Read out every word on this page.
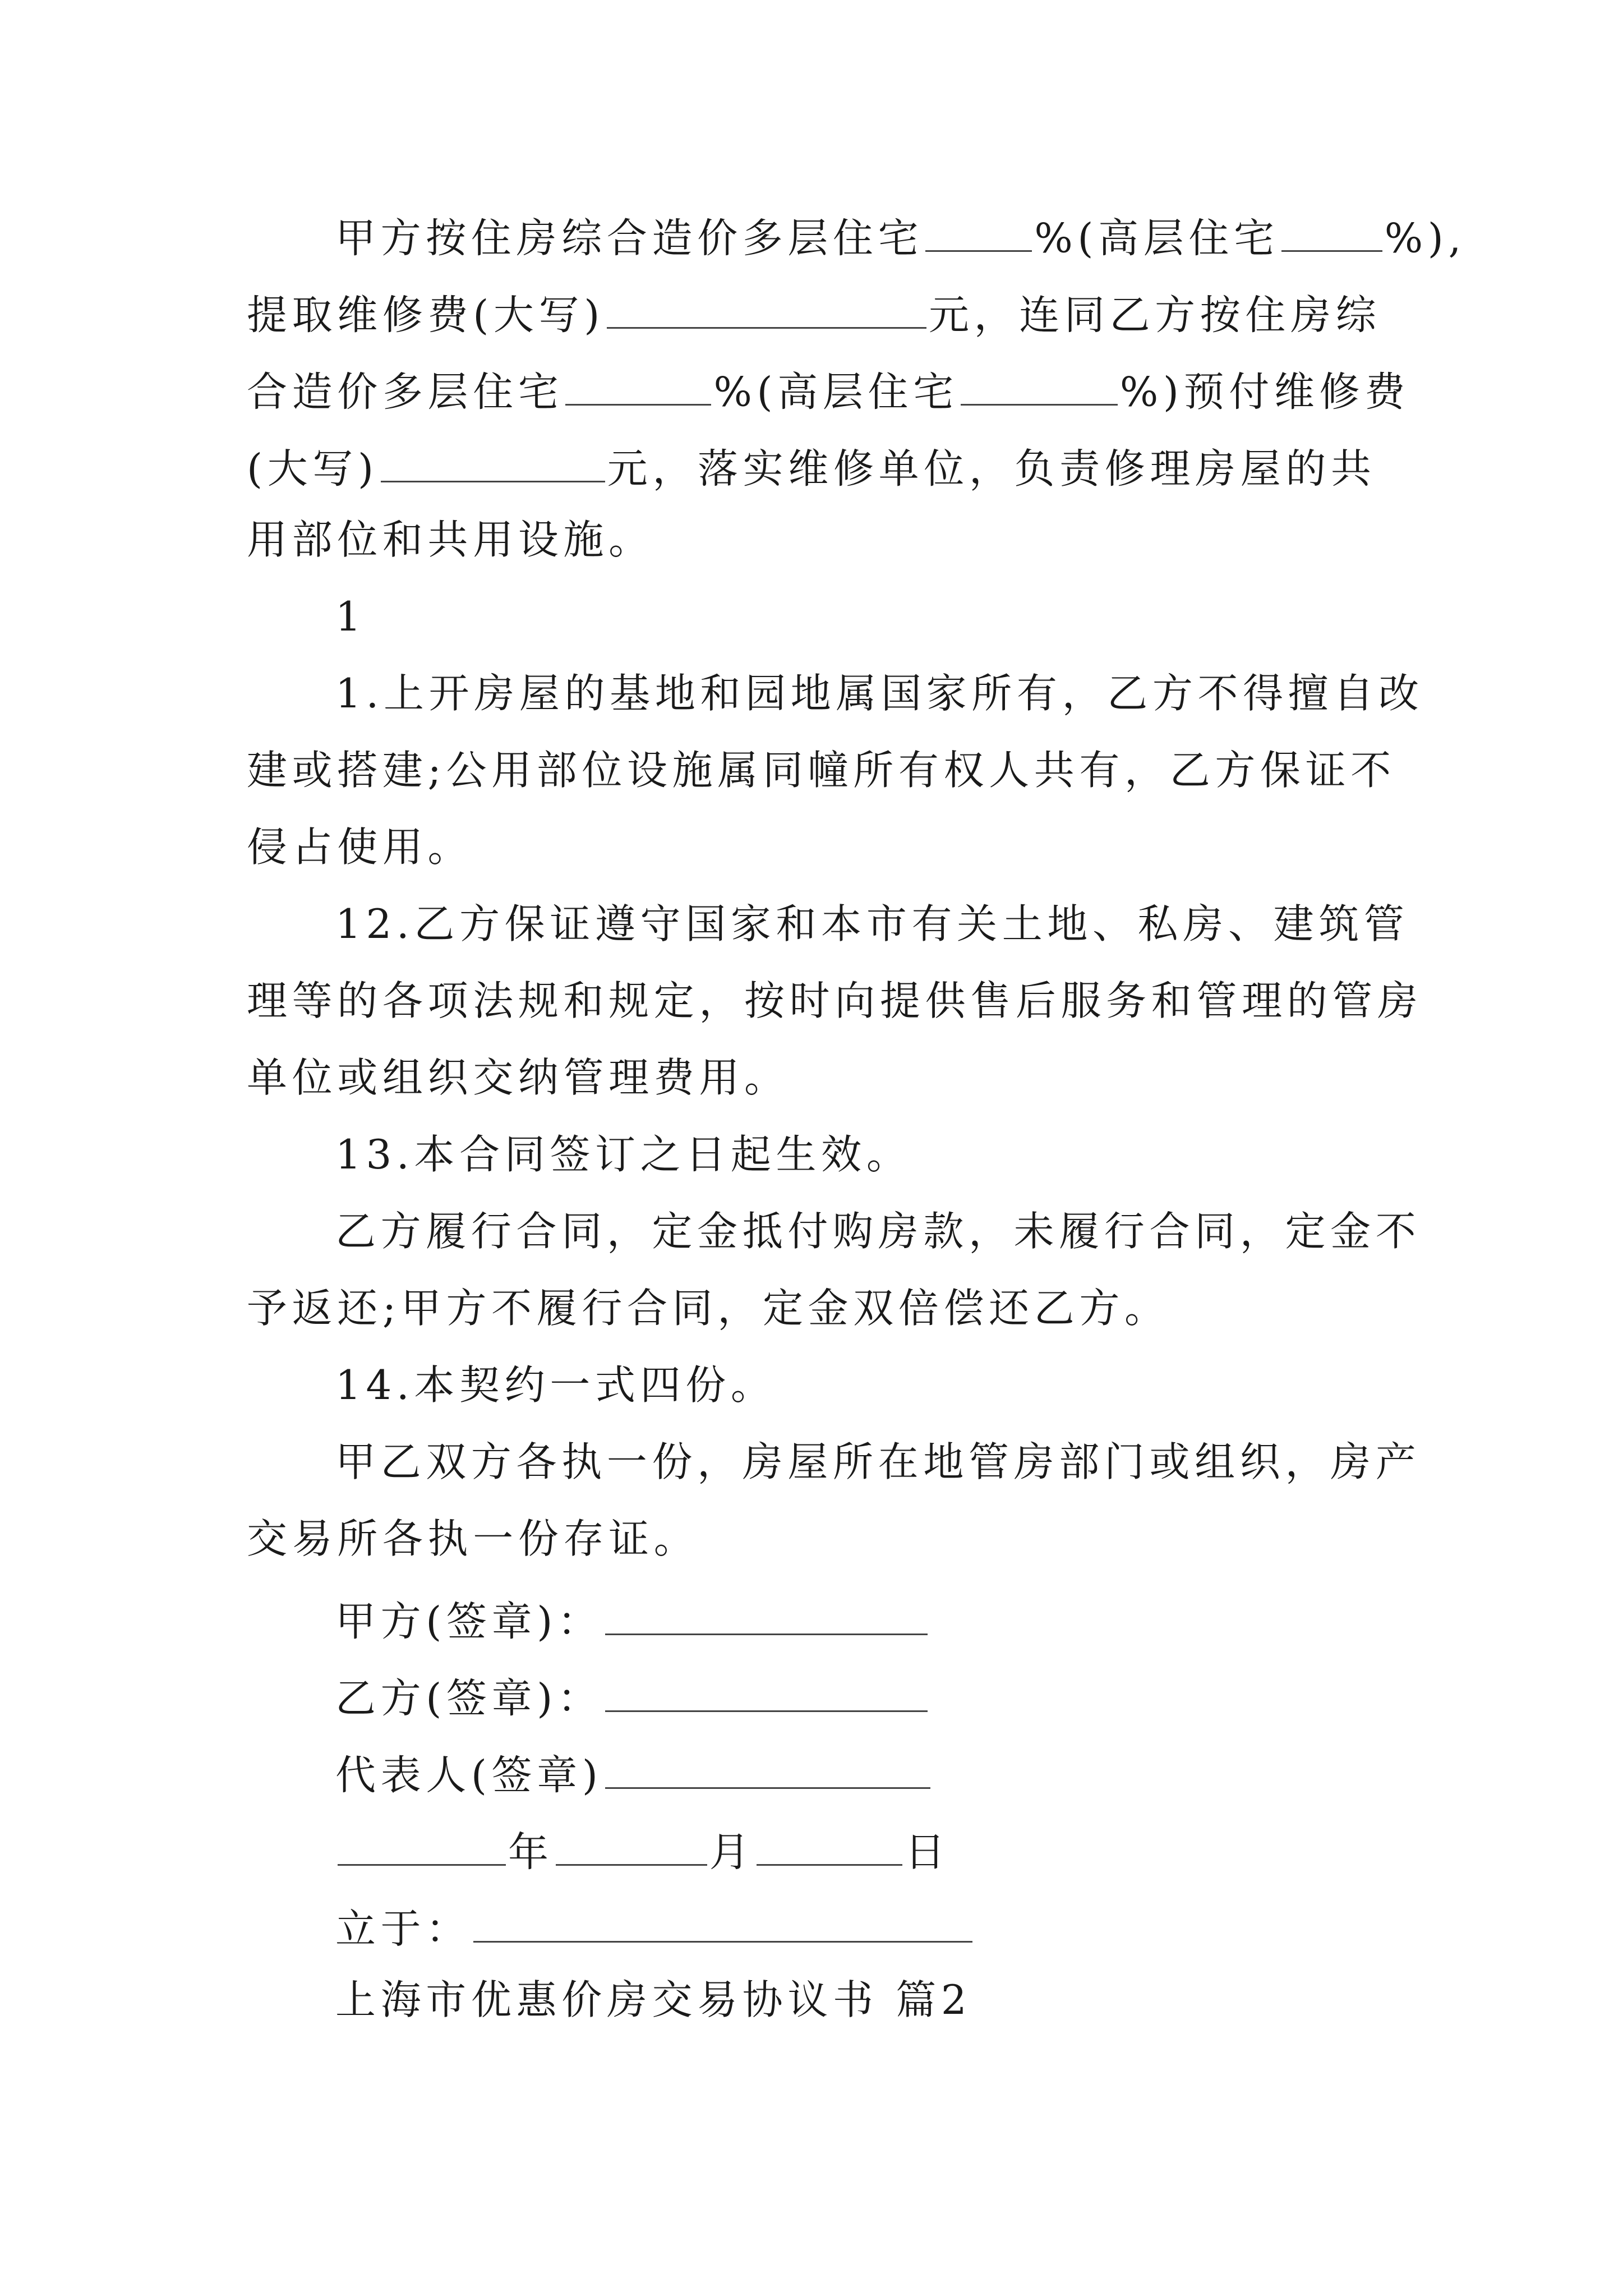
甲方按住房综合造价多层住宅	%(高层住宅	%),
提取维修费(大写)	元，连同乙方按住房综
合造价多层住宅	%(高层住宅	%)预付维修费
(大写)	元，落实维修单位，负责修理房屋的共
用部位和共用设施。
1
1.上开房屋的基地和园地属国家所有，乙方不得擅自改
建或搭建;公用部位设施属同幢所有权人共有，乙方保证不
侵占使用。
12.乙方保证遵守国家和本市有关土地、私房、建筑管
理等的各项法规和规定，按时向提供售后服务和管理的管房
单位或组织交纳管理费用。
13.本合同签订之日起生效。
乙方履行合同，定金抵付购房款，未履行合同，定金不
予返还;甲方不履行合同，定金双倍偿还乙方。
14.本契约一式四份。
甲乙双方各执一份，房屋所在地管房部门或组织，房产
交易所各执一份存证。
甲方(签章)：
乙方(签章)：
代表人(签章)
年	月	日
立于：
上海市优惠价房交易协议书 篇2
